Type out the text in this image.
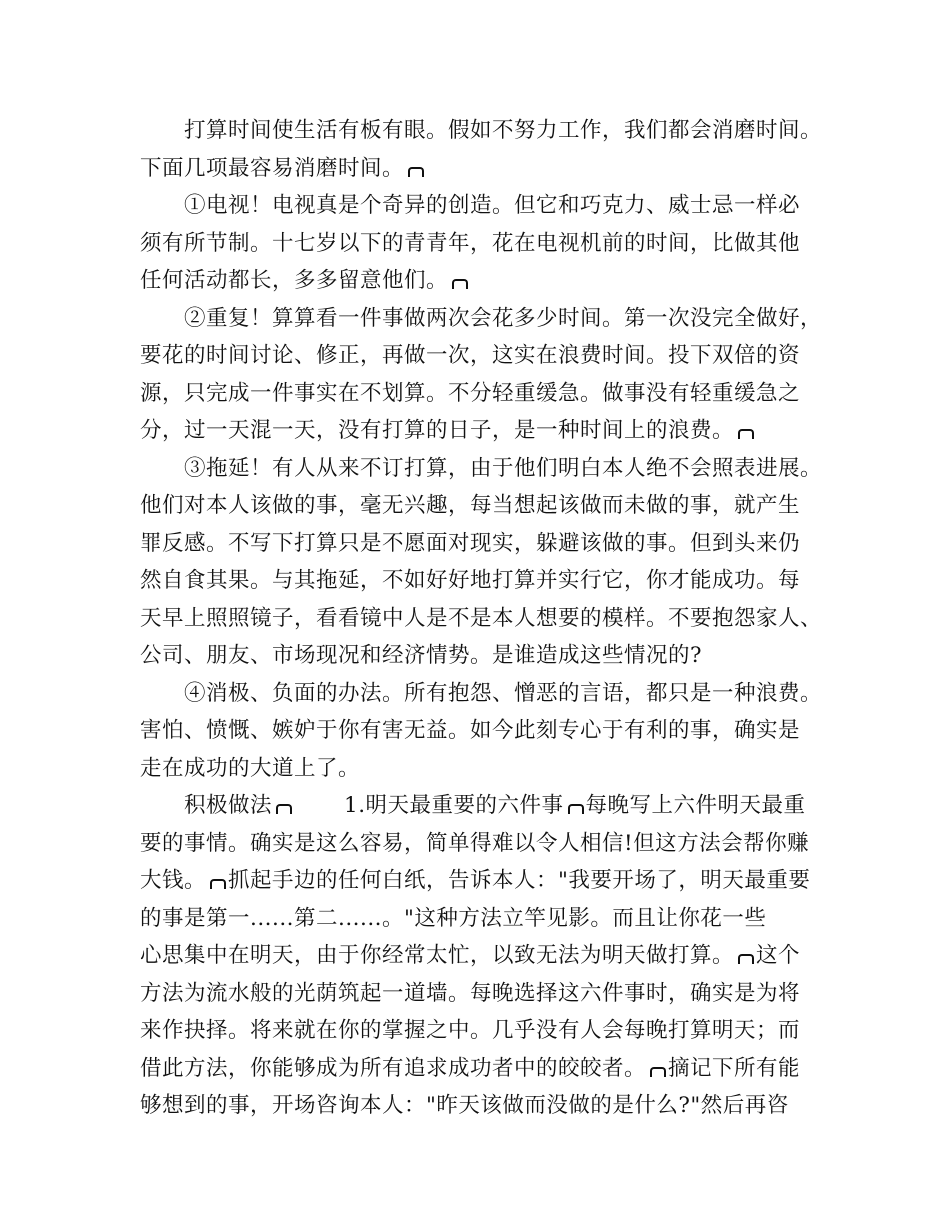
打算时间使生活有板有眼。假如不努力工作，我们都会消磨时间。
下面几项最容易消磨时间。
①电视！电视真是个奇异的创造。但它和巧克力、威士忌一样必
须有所节制。十七岁以下的青青年，花在电视机前的时间，比做其他
任何活动都长，多多留意他们。
②重复！算算看一件事做两次会花多少时间。第一次没完全做好，
要花的时间讨论、修正，再做一次，这实在浪费时间。投下双倍的资
源，只完成一件事实在不划算。不分轻重缓急。做事没有轻重缓急之
分，过一天混一天，没有打算的日子，是一种时间上的浪费。
③拖延！有人从来不订打算，由于他们明白本人绝不会照表进展。
他们对本人该做的事，毫无兴趣，每当想起该做而未做的事，就产生
罪反感。不写下打算只是不愿面对现实，躲避该做的事。但到头来仍
然自食其果。与其拖延，不如好好地打算并实行它，你才能成功。每
天早上照照镜子，看看镜中人是不是本人想要的模样。不要抱怨家人、
公司、朋友、市场现况和经济情势。是谁造成这些情况的?
④消极、负面的办法。所有抱怨、憎恶的言语，都只是一种浪费。
害怕、愤慨、嫉妒于你有害无益。如今此刻专心于有利的事，确实是
走在成功的大道上了。
积极做法	1.明天最重要的六件事 每晚写上六件明天最重
要的事情。确实是这么容易，简单得难以令人相信!但这方法会帮你赚
大钱。 抓起手边的任何白纸，告诉本人："我要开场了，明天最重要
的事是第一......第二......。"这种方法立竿见影。而且让你花一些
心思集中在明天，由于你经常太忙，以致无法为明天做打算。 这个
方法为流水般的光荫筑起一道墙。每晚选择这六件事时，确实是为将
来作抉择。将来就在你的掌握之中。几乎没有人会每晚打算明天；而
借此方法，你能够成为所有追求成功者中的皎皎者。 摘记下所有能
够想到的事，开场咨询本人："昨天该做而没做的是什么?"然后再咨
